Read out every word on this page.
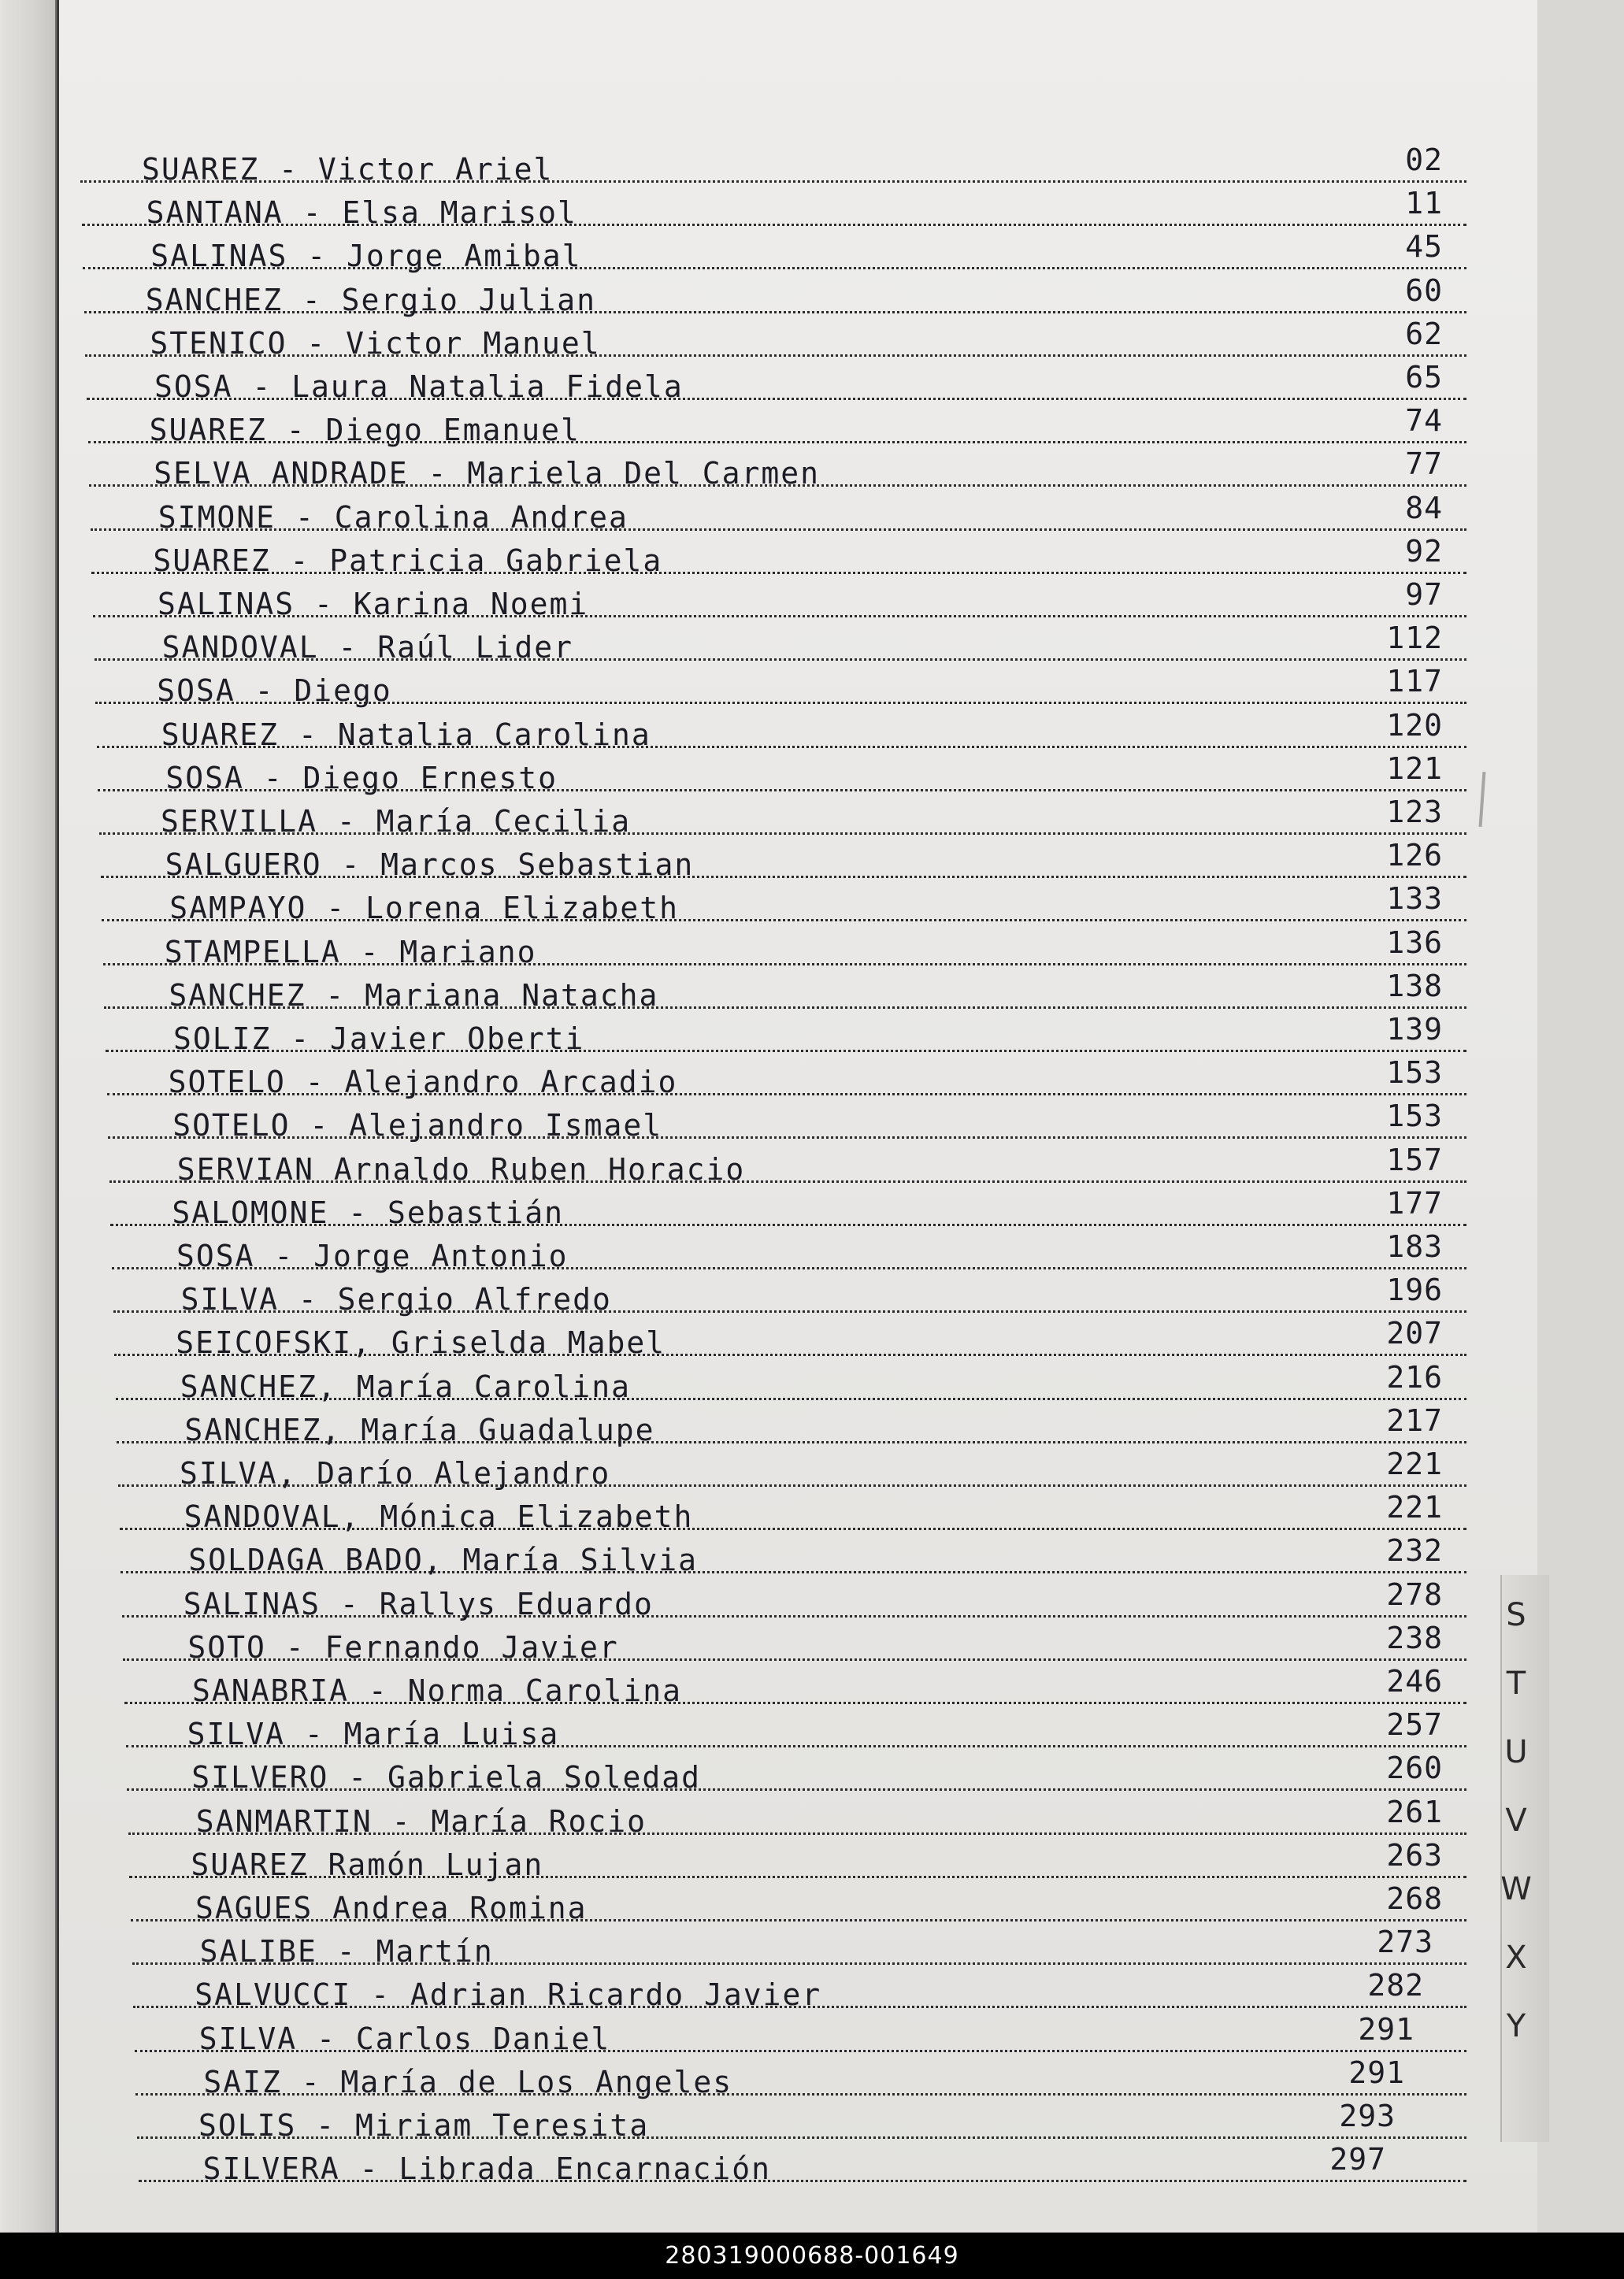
SUAREZ - Victor Ariel	02
SANTANA - Elsa Marisol	11
SALINAS - Jorge Amibal	45
SANCHEZ - Sergio Julian	60
STENICO - Victor Manuel	62
SOSA - Laura Natalia Fidela	65
SUAREZ - Diego Emanuel	74
SELVA ANDRADE - Mariela Del Carmen	77
SIMONE - Carolina Andrea	84
SUAREZ - Patricia Gabriela	92
SALINAS - Karina Noemi	97
SANDOVAL - Raúl Lider	112
SOSA - Diego	117
SUAREZ - Natalia Carolina	120
SOSA - Diego Ernesto	121
SERVILLA - María Cecilia	123
SALGUERO - Marcos Sebastian	126
SAMPAYO - Lorena Elizabeth	133
STAMPELLA - Mariano	136
SANCHEZ - Mariana Natacha	138
SOLIZ - Javier Oberti	139
SOTELO - Alejandro Arcadio	153
SOTELO - Alejandro Ismael	153
SERVIAN Arnaldo Ruben Horacio	157
SALOMONE - Sebastián	177
SOSA - Jorge Antonio	183
SILVA - Sergio Alfredo	196
SEICOFSKI, Griselda Mabel	207
SANCHEZ, María Carolina	216
SANCHEZ, María Guadalupe	217
SILVA, Darío Alejandro	221
SANDOVAL, Mónica Elizabeth	221
SOLDAGA BADO, María Silvia	232
SALINAS - Rallys Eduardo	278
SOTO - Fernando Javier	238
SANABRIA - Norma Carolina	246
SILVA - María Luisa	257
SILVERO - Gabriela Soledad	260
SANMARTIN - María Rocio	261
SUAREZ Ramón Lujan	263
SAGUES Andrea Romina	268
SALIBE - Martín	273
SALVUCCI - Adrian Ricardo Javier	282
SILVA - Carlos Daniel	291
SAIZ - María de Los Angeles	291
SOLIS - Miriam Teresita	293
SILVERA - Librada Encarnación	297
S
T
U
V
W
X
Y
280319000688-001649
